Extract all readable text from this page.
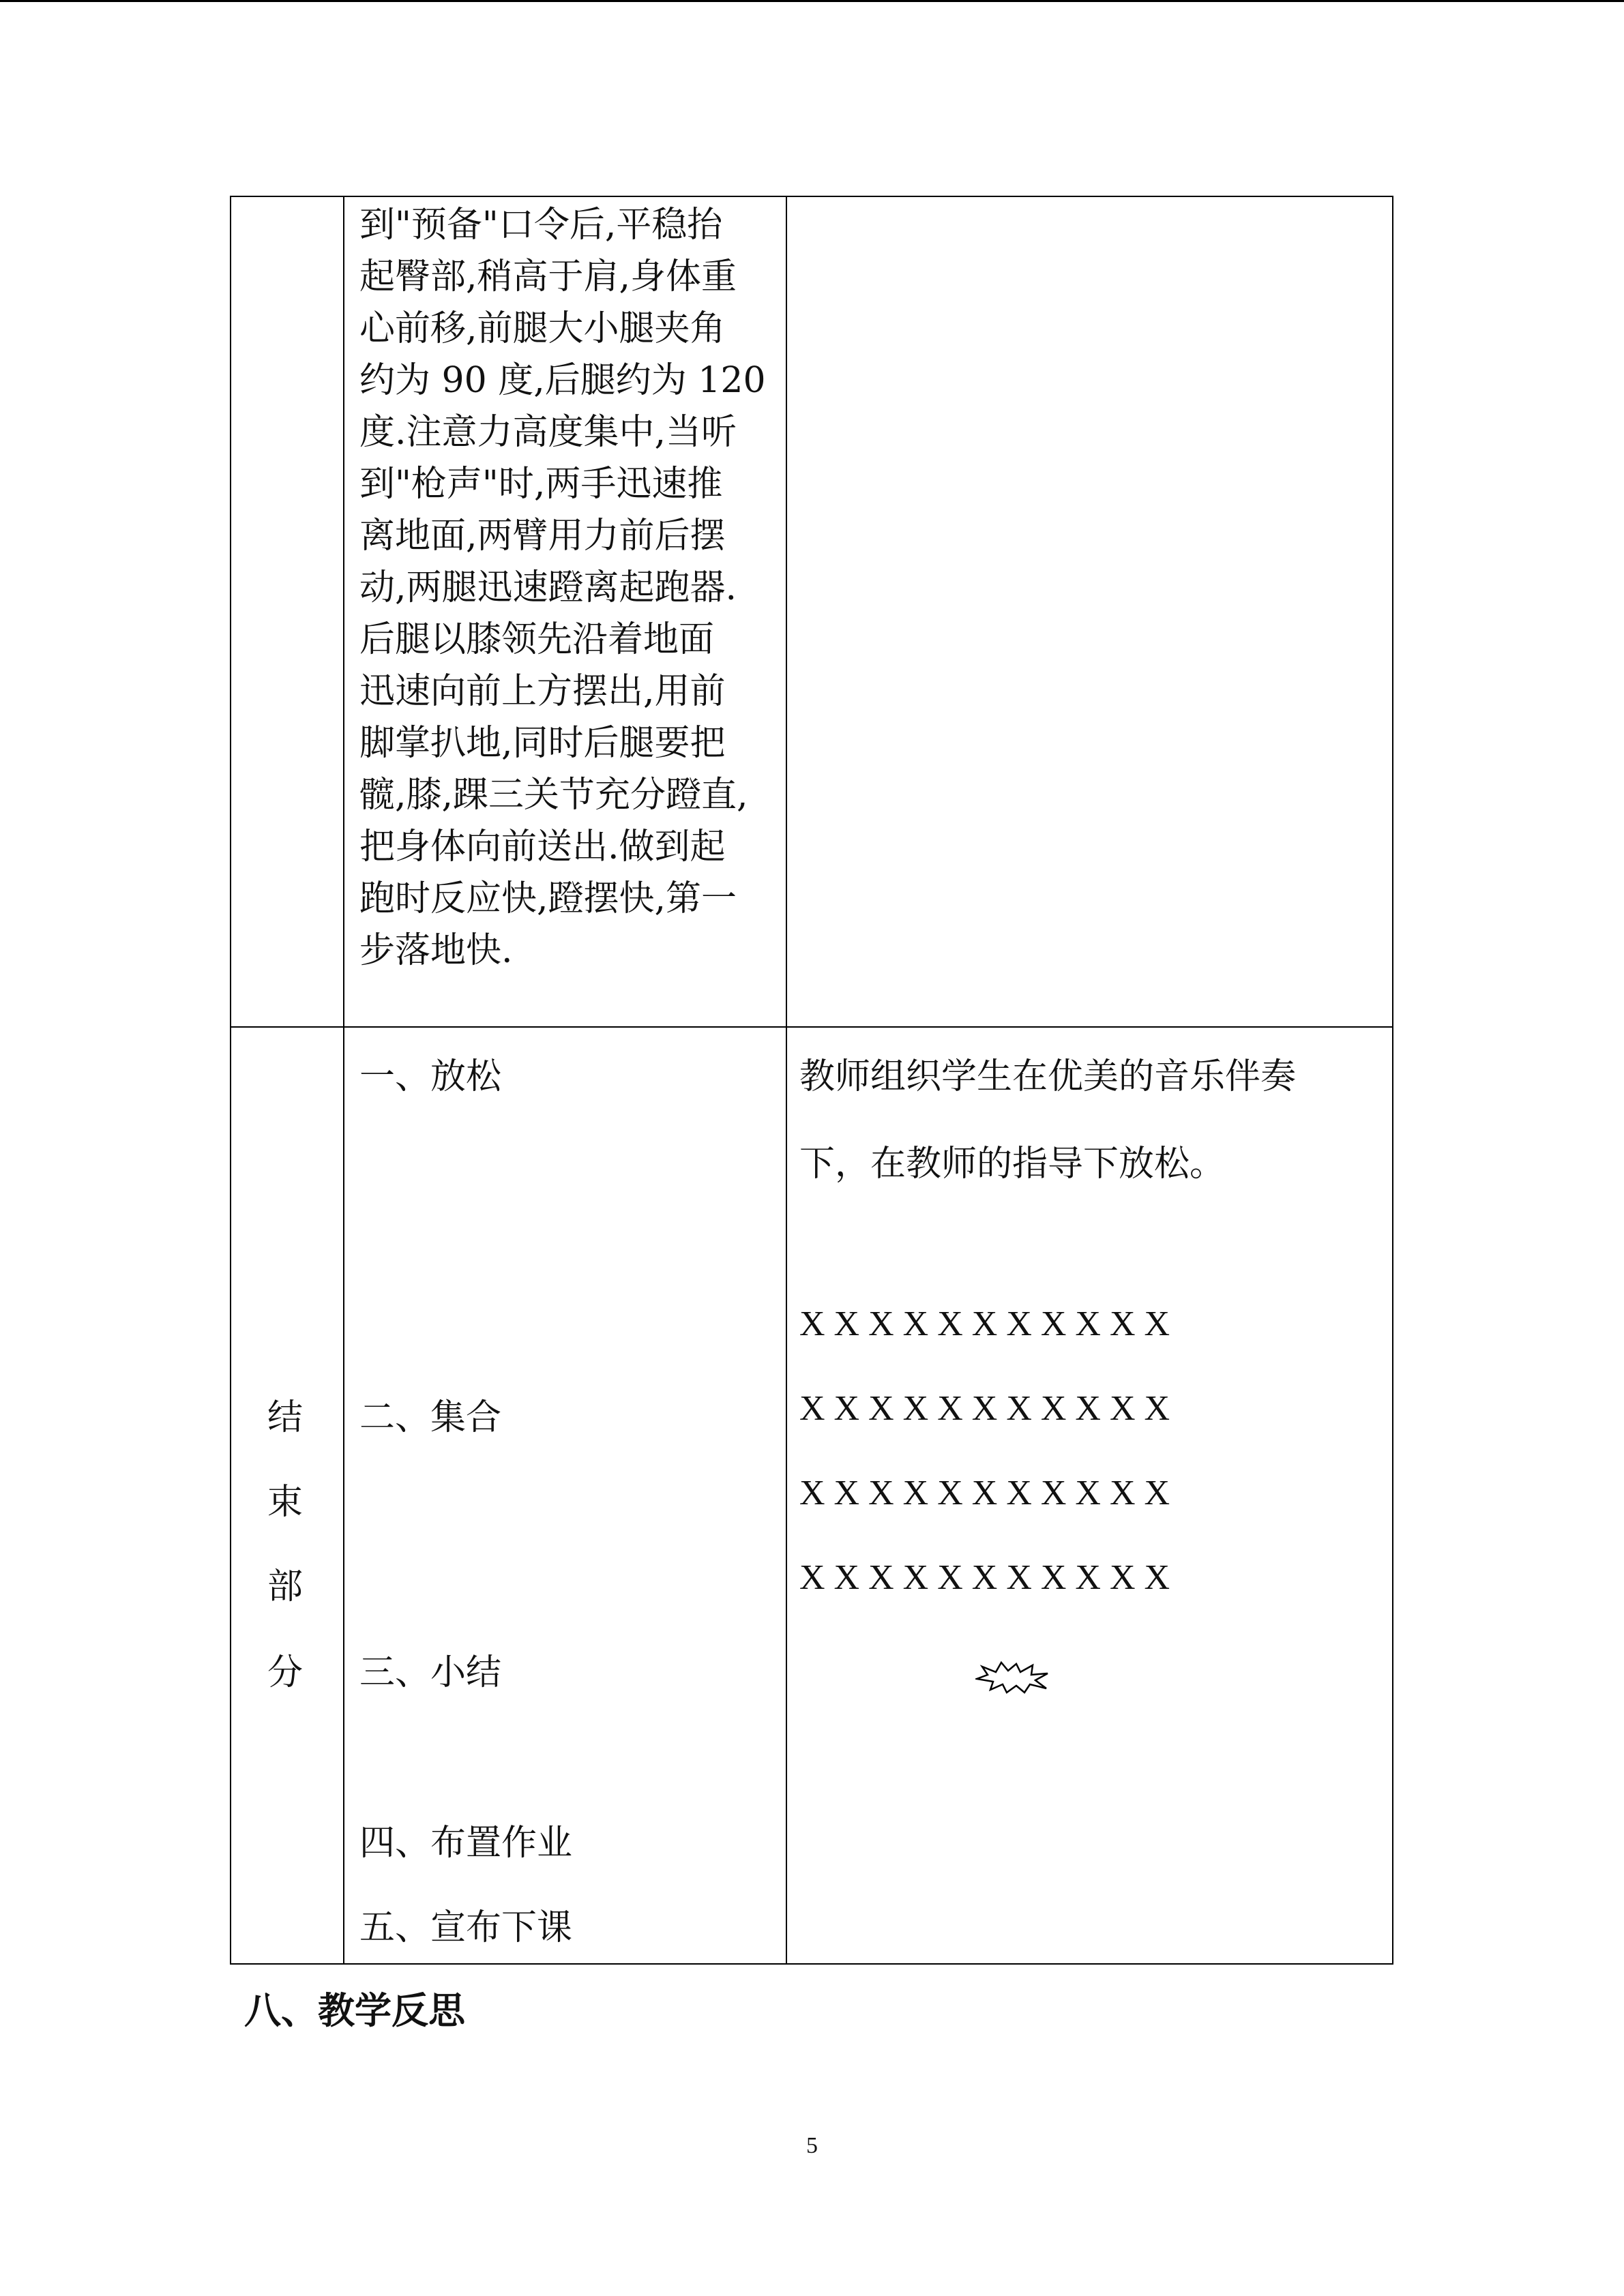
到"预备"口令后,平稳抬
起臀部,稍高于肩,身体重
心前移,前腿大小腿夹角
约为 90 度,后腿约为 120
度.注意力高度集中,当听
到"枪声"时,两手迅速推
离地面,两臂用力前后摆
动,两腿迅速蹬离起跑器.
后腿以膝领先沿着地面
迅速向前上方摆出,用前
脚掌扒地,同时后腿要把
髋,膝,踝三关节充分蹬直,
把身体向前送出.做到起
跑时反应快,蹬摆快,第一
步落地快.
结
束
部
分
一、放松
二、集合
三、小结
四、布置作业
五、宣布下课
教师组织学生在优美的音乐伴奏
下，在教师的指导下放松。
X X X X X X X X X X X
X X X X X X X X X X X
X X X X X X X X X X X
X X X X X X X X X X X
八、教学反思
5
